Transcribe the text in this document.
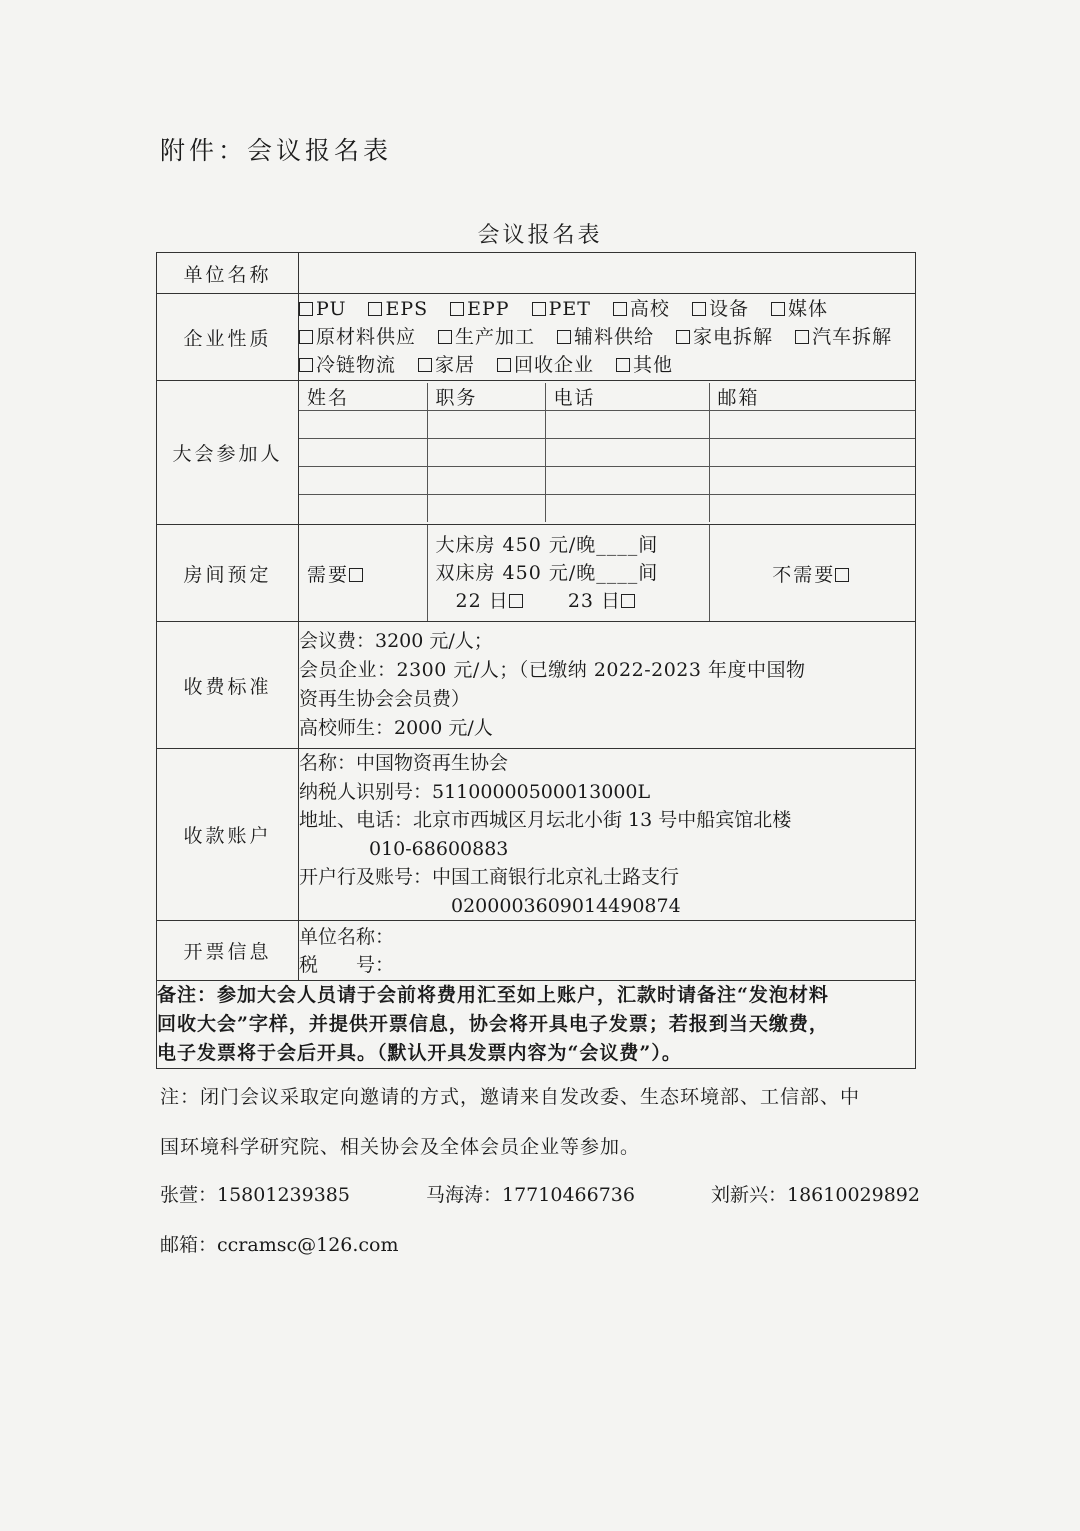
附件：会议报名表
会议报名表
单位名称	
企业性质	PU EPS EPP PET 高校 设备 媒体
原材料供应 生产加工 辅料供给 家电拆解 汽车拆解
冷链物流 家居 回收企业 其他
大会参加人	
姓名	职务	电话	邮箱

房间预定	需要	
大床房 450 元/晚____间
双床房 450 元/晚____间
22 日	23 日
	不需要

收费标准	
会议费：3200 元/人；
会员企业：2300 元/人；（已缴纳 2022-2023 年度中国物
资再生协会会员费）
高校师生：2000 元/人

收款账户	
名称：中国物资再生协会
纳税人识别号：51100000500013000L
地址、电话：北京市西城区月坛北小街 13 号中船宾馆北楼
010-68600883
开户行及账号：中国工商银行北京礼士路支行
0200003609014490874

开票信息	
单位名称：
税　　号：

备注：参加大会人员请于会前将费用汇至如上账户，汇款时请备注“发泡材料
回收大会”字样，并提供开票信息，协会将开具电子发票；若报到当天缴费，
电子发票将于会后开具。（默认开具发票内容为“会议费”）。
注：闭门会议采取定向邀请的方式，邀请来自发改委、生态环境部、工信部、中
国环境科学研究院、相关协会及全体会员企业等参加。
张萱：15801239385	马海涛：17710466736	刘新兴：18610029892
邮箱：ccramsc@126.com
